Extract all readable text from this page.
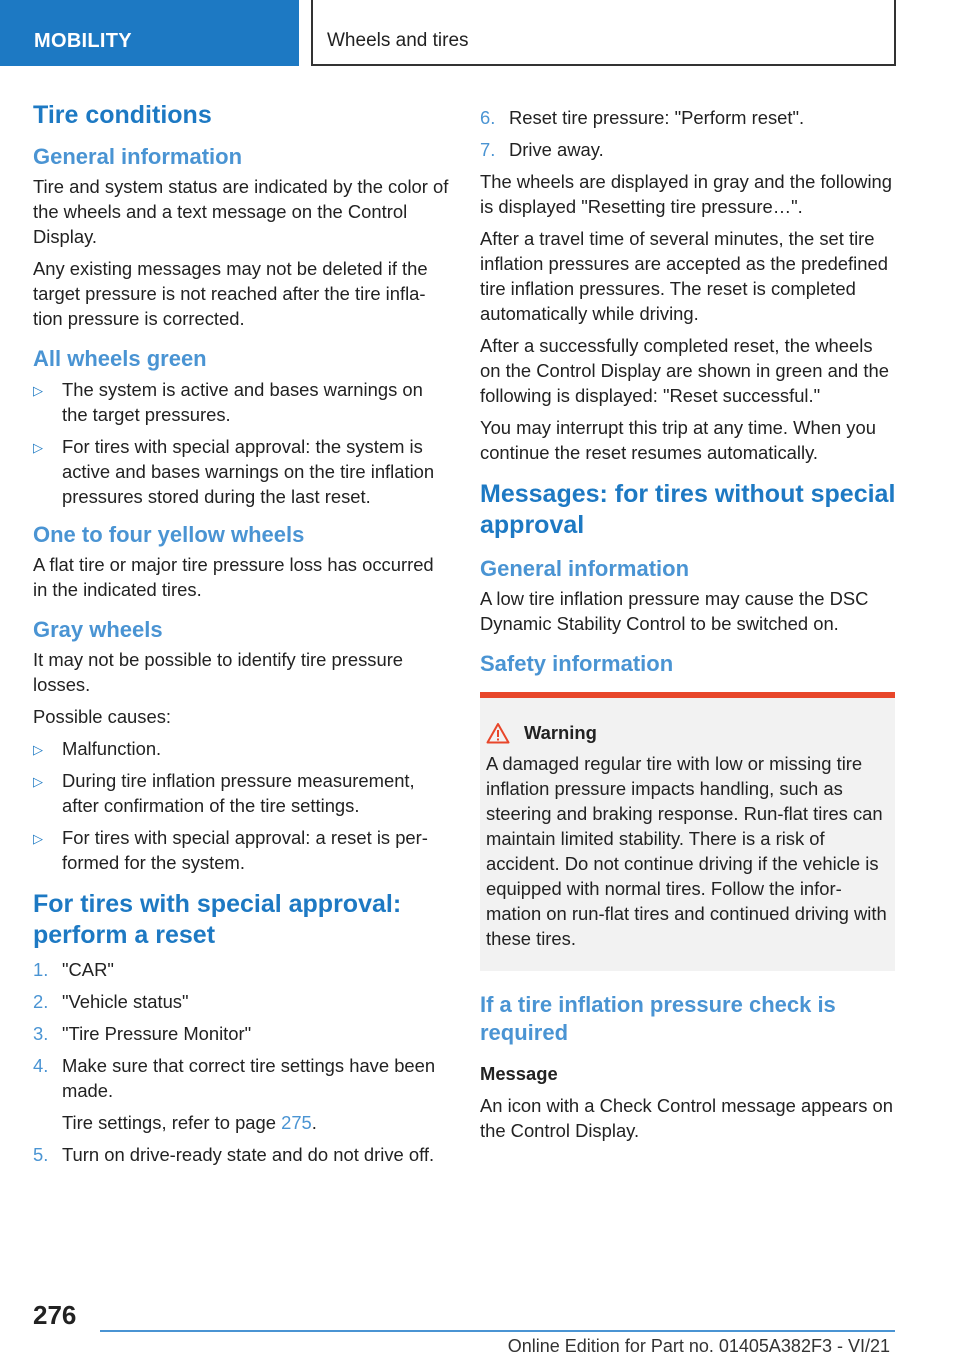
MOBILITY	Wheels and tires
Tire conditions
General information

Tire and system status are indicated by the color of the wheels and a text message on the Control Display.

Any existing messages may not be deleted if the target pressure is not reached after the tire inflation pressure is corrected.

All wheels green
▷ The system is active and bases warnings on the target pressures.
▷ For tires with special approval: the system is active and bases warnings on the tire inflation pressures stored during the last reset.
One to four yellow wheels

A flat tire or major tire pressure loss has occurred in the indicated tires.

Gray wheels

It may not be possible to identify tire pressure losses.

Possible causes:

▷ Malfunction.
▷ During tire inflation pressure measurement, after confirmation of the tire settings.
▷ For tires with special approval: a reset is performed for the system.
For tires with special approval: perform a reset
1. "CAR"
2. "Vehicle status"
3. "Tire Pressure Monitor"
4. Make sure that correct tire settings have been made.
Tire settings, refer to page 275.
5. Turn on drive-ready state and do not drive off.
6. Reset tire pressure: "Perform reset".
7. Drive away.

The wheels are displayed in gray and the following is displayed "Resetting tire pressure…".

After a travel time of several minutes, the set tire inflation pressures are accepted as the predefined tire inflation pressures. The reset is completed automatically while driving.

After a successfully completed reset, the wheels on the Control Display are shown in green and the following is displayed: "Reset successful."

You may interrupt this trip at any time. When you continue the reset resumes automatically.

Messages: for tires without special approval
General information

A low tire inflation pressure may cause the DSC Dynamic Stability Control to be switched on.

Safety information
Warning
A damaged regular tire with low or missing tire inflation pressure impacts handling, such as steering and braking response. Run-flat tires can maintain limited stability. There is a risk of accident. Do not continue driving if the vehicle is equipped with normal tires. Follow the information on run-flat tires and continued driving with these tires.
If a tire inflation pressure check is required
Message

An icon with a Check Control message appears on the Control Display.

276
Online Edition for Part no. 01405A382F3 - VI/21
